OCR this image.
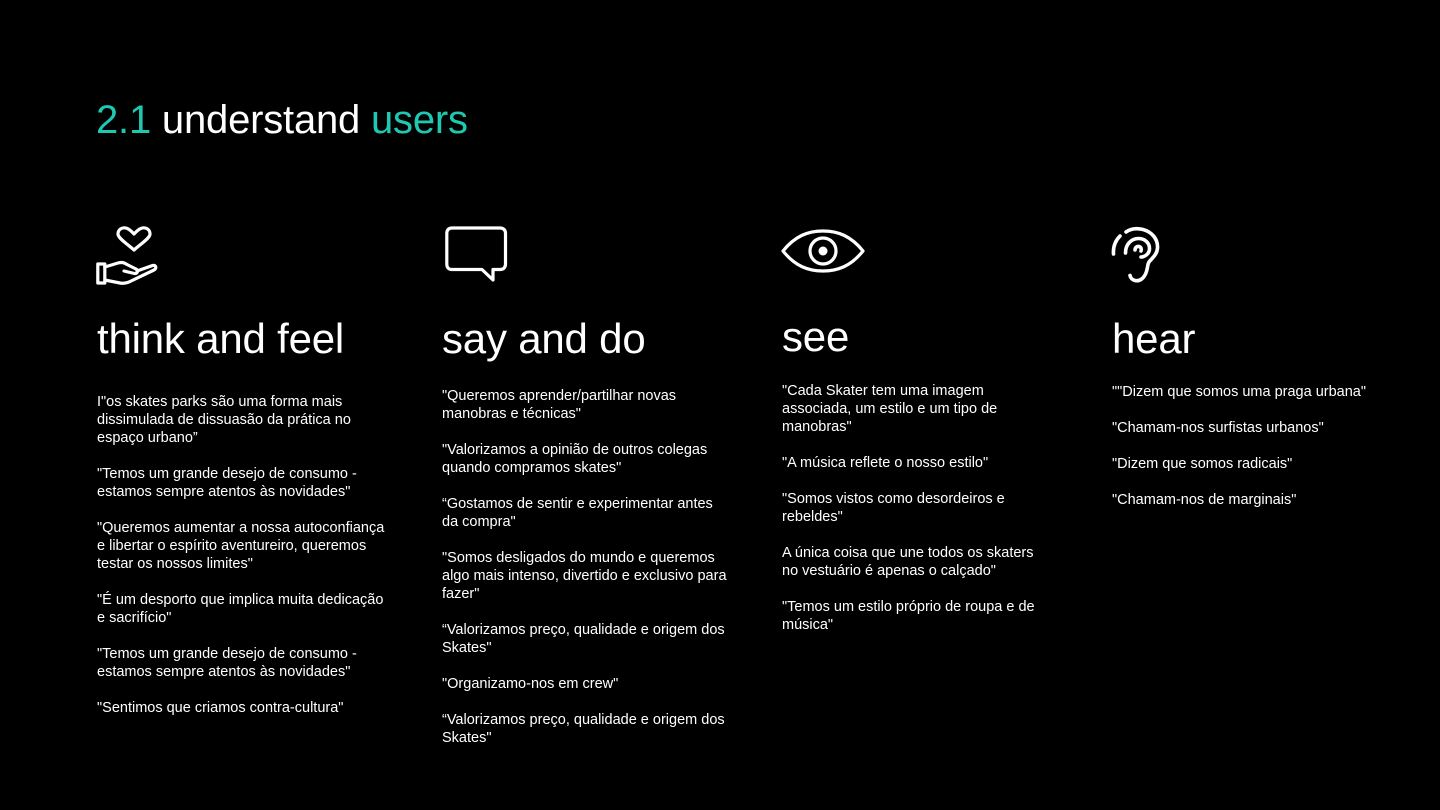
2.1 understand users
think and feel
I"os skates parks são uma forma mais dissimulada de dissuasão da prática no espaço urbano”
"Temos um grande desejo de consumo -estamos sempre atentos às novidades"
"Queremos aumentar a nossa autoconfiança e libertar o espírito aventureiro, queremos testar os nossos limites"
"É um desporto que implica muita dedicação e sacrifício"
"Temos um grande desejo de consumo -estamos sempre atentos às novidades"
"Sentimos que criamos contra-cultura"
say and do
"Queremos aprender/partilhar novas manobras e técnicas"
"Valorizamos a opinião de outros colegas quando compramos skates"
“Gostamos de sentir e experimentar antes da compra"
"Somos desligados do mundo e queremos algo mais intenso, divertido e exclusivo para fazer"
“Valorizamos preço, qualidade e origem dos Skates"
"Organizamo-nos em crew"
“Valorizamos preço, qualidade e origem dos Skates"
see
"Cada Skater tem uma imagem associada, um estilo e um tipo de manobras"
"A música reflete o nosso estilo"
"Somos vistos como desordeiros e rebeldes"
A única coisa que une todos os skaters no vestuário é apenas o calçado"
"Temos um estilo próprio de roupa e de música"
hear
""Dizem que somos uma praga urbana"
"Chamam-nos surfistas urbanos"
"Dizem que somos radicais"
"Chamam-nos de marginais"
